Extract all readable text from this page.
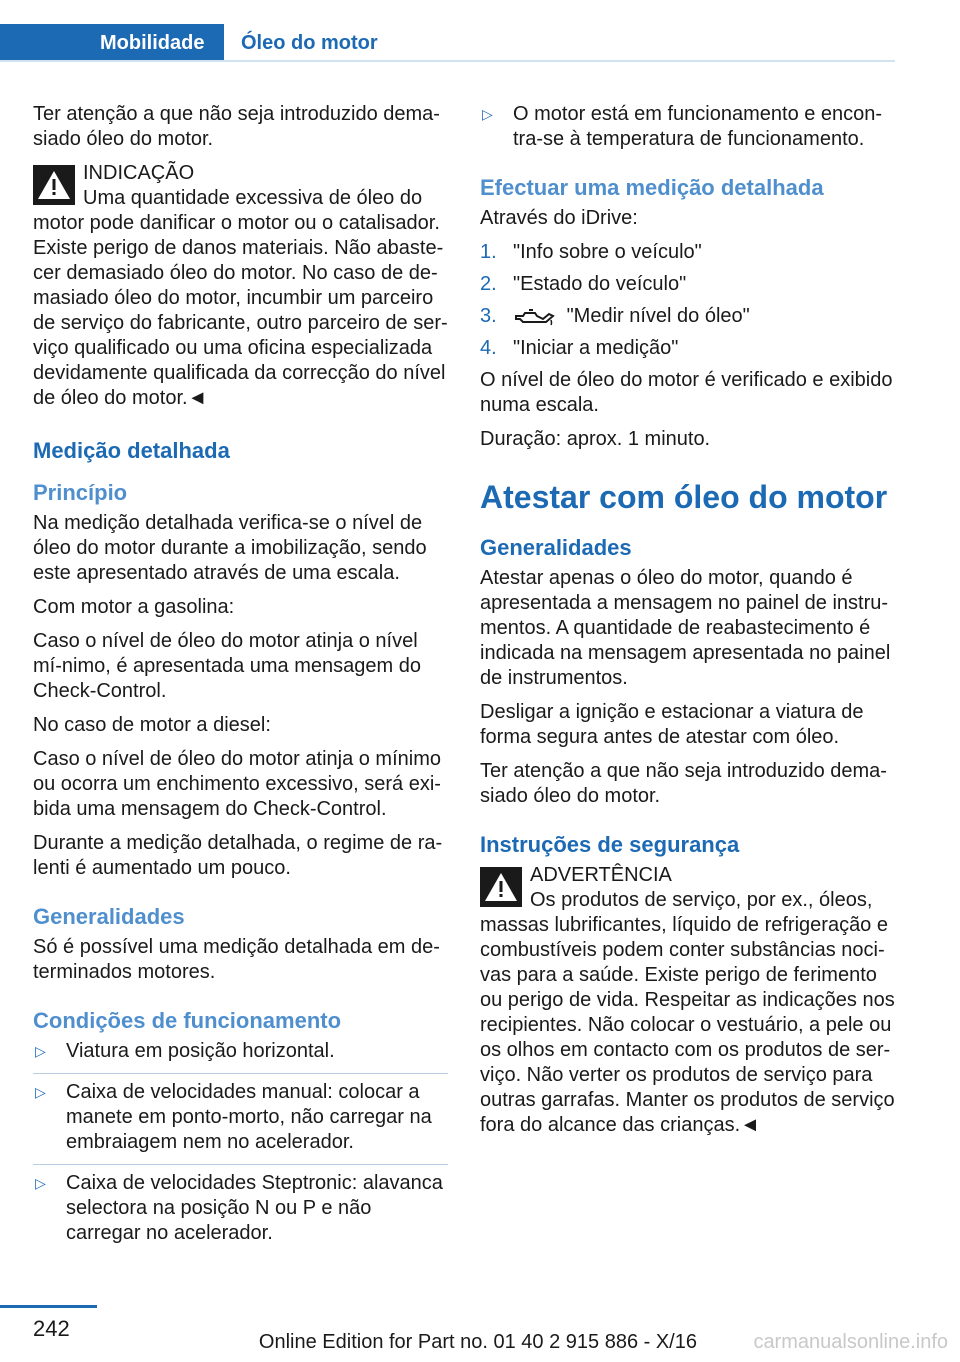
Mobilidade	Óleo do motor

Ter atenção a que não seja introduzido dema‐siado óleo do motor.

INDICAÇÃO
Uma quantidade excessiva de óleo do
motor pode danificar o motor ou o catalisador. Existe perigo de danos materiais. Não abaste‐cer demasiado óleo do motor. No caso de de‐masiado óleo do motor, incumbir um parceiro de serviço do fabricante, outro parceiro de ser‐viço qualificado ou uma oficina especializada devidamente qualificada da correcção do nível de óleo do motor.◄
Medição detalhada
Princípio

Na medição detalhada verifica-se o nível de óleo do motor durante a imobilização, sendo este apresentado através de uma escala.

Com motor a gasolina:

Caso o nível de óleo do motor atinja o nível mí‐nimo, é apresentada uma mensagem do Check-Control.

No caso de motor a diesel:

Caso o nível de óleo do motor atinja o mínimo ou ocorra um enchimento excessivo, será exi‐bida uma mensagem do Check-Control.

Durante a medição detalhada, o regime de ra‐lenti é aumentado um pouco.

Generalidades

Só é possível uma medição detalhada em de‐terminados motores.

Condições de funcionamento
▷ Viatura em posição horizontal.
▷ Caixa de velocidades manual: colocar a manete em ponto-morto, não carregar na embraiagem nem no acelerador.
▷ Caixa de velocidades Steptronic: alavanca selectora na posição N ou P e não carregar no acelerador.
▷ O motor está em funcionamento e encon‐tra-se à temperatura de funcionamento.
Efectuar uma medição detalhada

Através do iDrive:

1. "Info sobre o veículo"
2. "Estado do veículo"
3.	"Medir nível do óleo"
4. "Iniciar a medição"

O nível de óleo do motor é verificado e exibido numa escala.

Duração: aprox. 1 minuto.

Atestar com óleo do motor
Generalidades

Atestar apenas o óleo do motor, quando é apresentada a mensagem no painel de instru‐mentos. A quantidade de reabastecimento é indicada na mensagem apresentada no painel de instrumentos.

Desligar a ignição e estacionar a viatura de forma segura antes de atestar com óleo.

Ter atenção a que não seja introduzido dema‐siado óleo do motor.

Instruções de segurança
ADVERTÊNCIA
Os produtos de serviço, por ex., óleos,
massas lubrificantes, líquido de refrigeração e combustíveis podem conter substâncias noci‐vas para a saúde. Existe perigo de ferimento ou perigo de vida. Respeitar as indicações nos recipientes. Não colocar o vestuário, a pele ou os olhos em contacto com os produtos de ser‐viço. Não verter os produtos de serviço para outras garrafas. Manter os produtos de serviço fora do alcance das crianças.◄
242
Online Edition for Part no. 01 40 2 915 886 - X/16	carmanualsonline.info
